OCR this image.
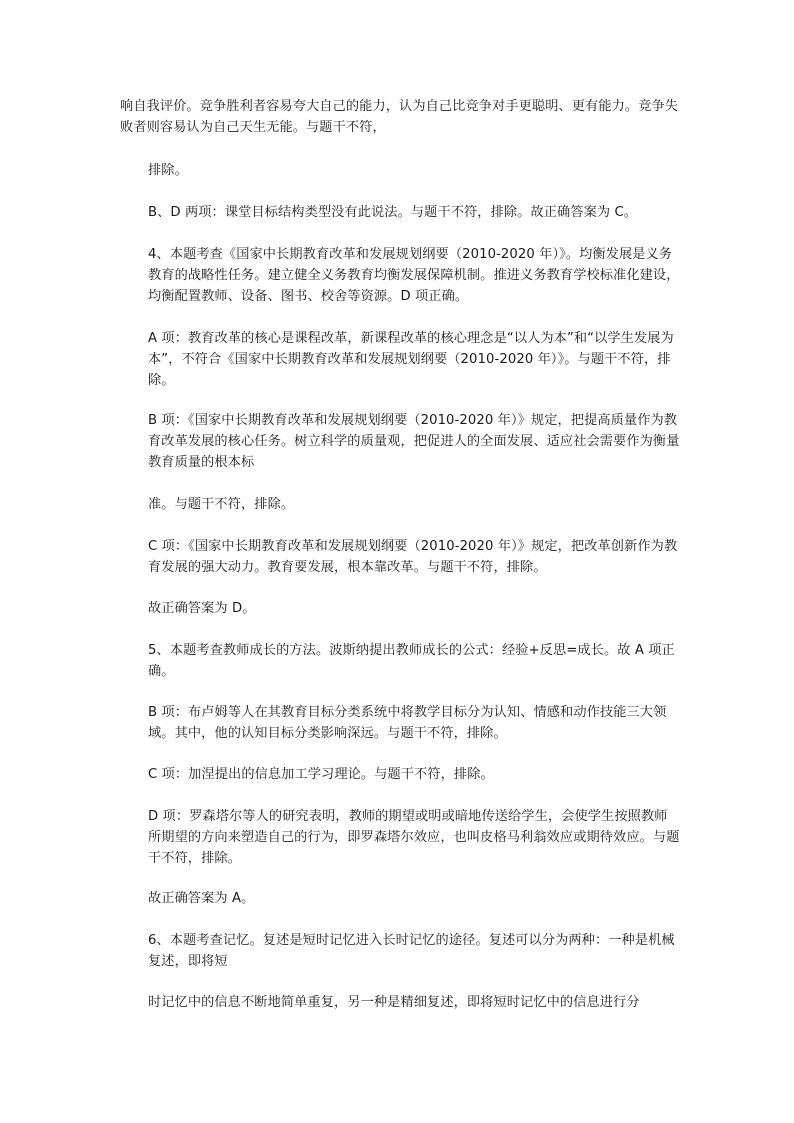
响自我评价。竞争胜利者容易夸大自己的能力，认为自己比竞争对手更聪明、更有能力。竞争失败者则容易认为自己天生无能。与题干不符，

排除。

B、D 两项：课堂目标结构类型没有此说法。与题干不符，排除。故正确答案为 C。

4、本题考查《国家中长期教育改革和发展规划纲要（2010-2020 年）》。均衡发展是义务教育的战略性任务。建立健全义务教育均衡发展保障机制。推进义务教育学校标准化建设，均衡配置教师、设备、图书、校舍等资源。D 项正确。

A 项：教育改革的核心是课程改革，新课程改革的核心理念是“以人为本”和“以学生发展为本”，不符合《国家中长期教育改革和发展规划纲要（2010-2020 年）》。与题干不符，排除。

B 项：《国家中长期教育改革和发展规划纲要（2010-2020 年）》规定，把提高质量作为教育改革发展的核心任务。树立科学的质量观，把促进人的全面发展、适应社会需要作为衡量教育质量的根本标

准。与题干不符，排除。

C 项：《国家中长期教育改革和发展规划纲要（2010-2020 年）》规定，把改革创新作为教育发展的强大动力。教育要发展，根本靠改革。与题干不符，排除。

故正确答案为 D。

5、本题考查教师成长的方法。波斯纳提出教师成长的公式：经验+反思=成长。故 A 项正确。

B 项：布卢姆等人在其教育目标分类系统中将教学目标分为认知、情感和动作技能三大领域。其中，他的认知目标分类影响深远。与题干不符，排除。

C 项：加涅提出的信息加工学习理论。与题干不符，排除。

D 项：罗森塔尔等人的研究表明，教师的期望或明或暗地传送给学生，会使学生按照教师所期望的方向来塑造自己的行为，即罗森塔尔效应，也叫皮格马利翁效应或期待效应。与题干不符，排除。

故正确答案为 A。

6、本题考查记忆。复述是短时记忆进入长时记忆的途径。复述可以分为两种：一种是机械复述，即将短

时记忆中的信息不断地简单重复，另一种是精细复述，即将短时记忆中的信息进行分
